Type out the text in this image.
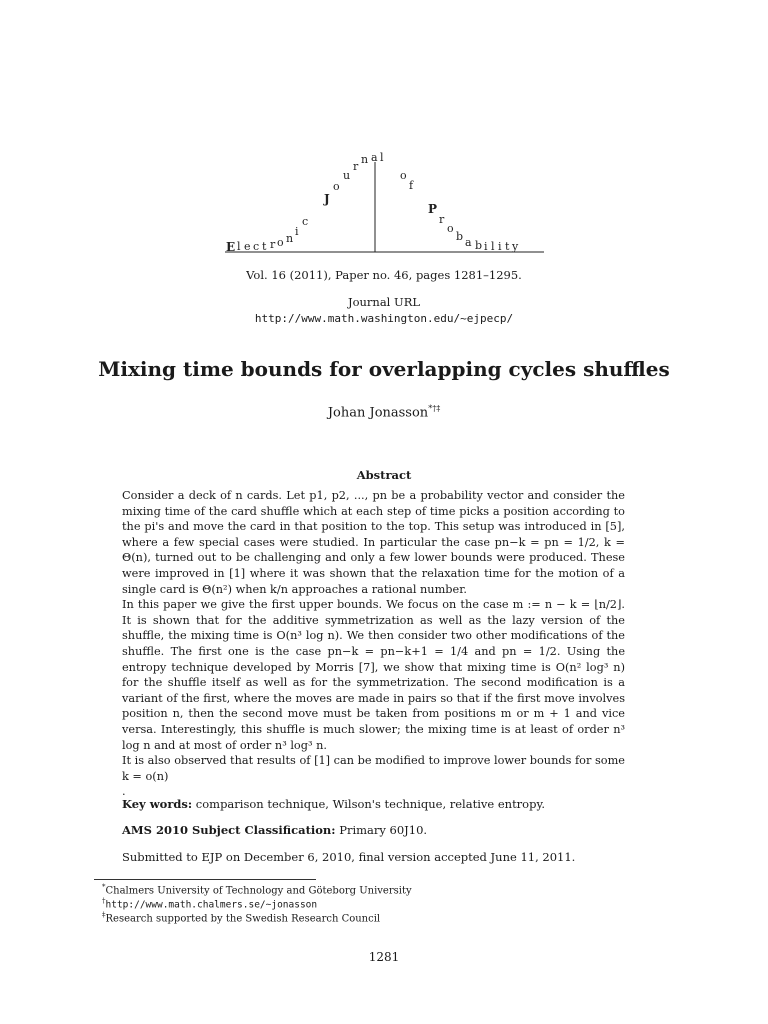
E l e c t r o n
i
c
J
o
u
r
n a l
o
f
P
r
o
b a b i l i t y
Vol. 16 (2011), Paper no. 46, pages 1281–1295.
Journal URL
http://www.math.washington.edu/~ejpecp/
Mixing time bounds for overlapping cycles shuffles
Johan Jonasson*†‡
Abstract

Consider a deck of n cards. Let p1, p2, ..., pn be a probability vector and consider the mixing time of the card shuffle which at each step of time picks a position according to the pi's and move the card in that position to the top. This setup was introduced in [5], where a few special cases were studied. In particular the case pn−k = pn = 1/2, k = Θ(n), turned out to be challenging and only a few lower bounds were produced. These were improved in [1] where it was shown that the relaxation time for the motion of a single card is Θ(n²) when k/n approaches a rational number.

In this paper we give the first upper bounds. We focus on the case m := n − k = ⌊n/2⌋. It is shown that for the additive symmetrization as well as the lazy version of the shuffle, the mixing time is O(n³ log n). We then consider two other modifications of the shuffle. The first one is the case pn−k = pn−k+1 = 1/4 and pn = 1/2. Using the entropy technique developed by Morris [7], we show that mixing time is O(n² log³ n) for the shuffle itself as well as for the symmetrization. The second modification is a variant of the first, where the moves are made in pairs so that if the first move involves position n, then the second move must be taken from positions m or m + 1 and vice versa. Interestingly, this shuffle is much slower; the mixing time is at least of order n³ log n and at most of order n³ log³ n.

It is also observed that results of [1] can be modified to improve lower bounds for some k = o(n)

.

Key words: comparison technique, Wilson's technique, relative entropy.
AMS 2010 Subject Classification: Primary 60J10.
Submitted to EJP on December 6, 2010, final version accepted June 11, 2011.
*Chalmers University of Technology and Göteborg University
†http://www.math.chalmers.se/~jonasson
‡Research supported by the Swedish Research Council
1281
